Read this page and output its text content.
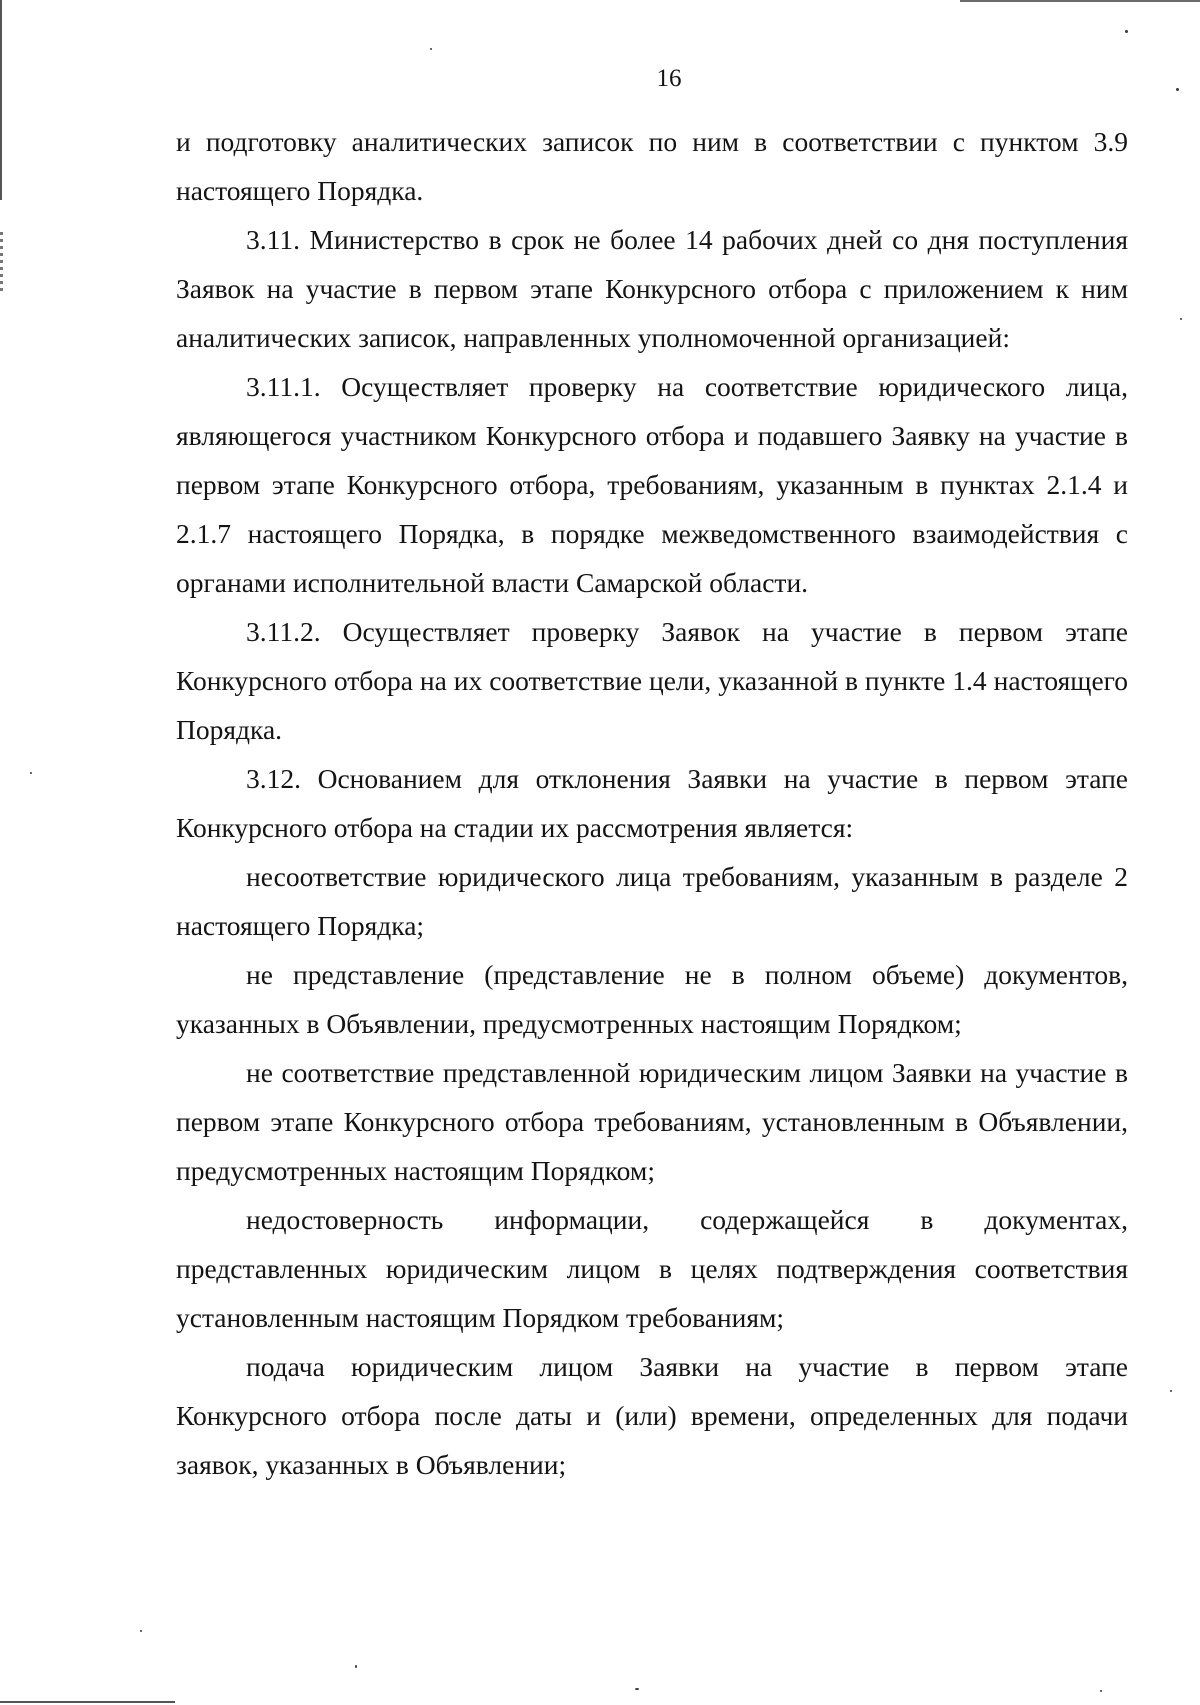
16

и подготовку аналитических записок по ним в соответствии с пунктом 3.9 настоящего Порядка.

3.11. Министерство в срок не более 14 рабочих дней со дня поступления Заявок на участие в первом этапе Конкурсного отбора с приложением к ним аналитических записок, направленных уполномоченной организацией:

3.11.1. Осуществляет проверку на соответствие юридического лица, являющегося участником Конкурсного отбора и подавшего Заявку на участие в первом этапе Конкурсного отбора, требованиям, указанным в пунктах 2.1.4 и 2.1.7 настоящего Порядка, в порядке межведомственного взаимодействия с органами исполнительной власти Самарской области.

3.11.2. Осуществляет проверку Заявок на участие в первом этапе Конкурсного отбора на их соответствие цели, указанной в пункте 1.4 настоящего Порядка.

3.12. Основанием для отклонения Заявки на участие в первом этапе Конкурсного отбора на стадии их рассмотрения является:

несоответствие юридического лица требованиям, указанным в разделе 2 настоящего Порядка;

не представление (представление не в полном объеме) документов, указанных в Объявлении, предусмотренных настоящим Порядком;

не соответствие представленной юридическим лицом Заявки на участие в первом этапе Конкурсного отбора требованиям, установленным в Объявлении, предусмотренных настоящим Порядком;

недостоверность информации, содержащейся в документах, представленных юридическим лицом в целях подтверждения соответствия установленным настоящим Порядком требованиям;

подача юридическим лицом Заявки на участие в первом этапе Конкурсного отбора после даты и (или) времени, определенных для подачи заявок, указанных в Объявлении;
